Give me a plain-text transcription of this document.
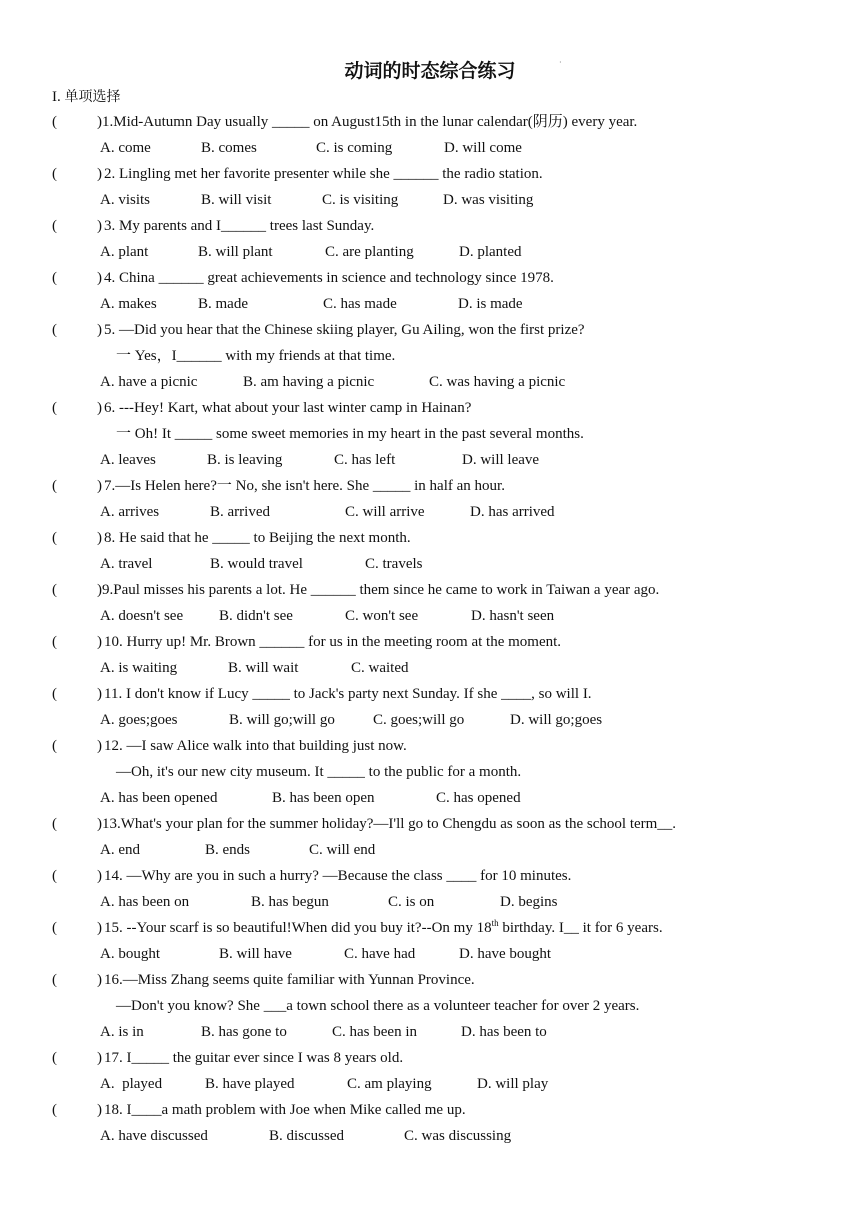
动词的时态综合练习	·
I. 单项选择
(	) 1.Mid-Autumn Day usually _____ on August15th in the lunar calendar(阴历) every year.
A. come	B. comes	C. is coming	D. will come
(	) 2. Lingling met her favorite presenter while she ______ the radio station.
A. visits	B. will visit	C. is visiting	D. was visiting
(	) 3. My parents and I______ trees last Sunday.
A. plant	B. will plant	C. are planting	D. planted
(	) 4. China ______ great achievements in science and technology since 1978.
A. makes	B. made	C. has made	D. is made
(	) 5. —Did you hear that the Chinese skiing player, Gu Ailing, won the first prize?
一 Yes，I______ with my friends at that time.
A. have a picnic	B. am having a picnic	C. was having a picnic
(	) 6. ---Hey! Kart, what about your last winter camp in Hainan?
一 Oh! It _____ some sweet memories in my heart in the past several months.
A. leaves	B. is leaving	C. has left	D. will leave
(	) 7.—Is Helen here?一 No, she isn't here. She _____ in half an hour.
A. arrives	B. arrived	C. will arrive	D. has arrived
(	) 8. He said that he _____ to Beijing the next month.
A. travel	B. would travel	C. travels
(	) 9.Paul misses his parents a lot. He ______ them since he came to work in Taiwan a year ago.
A. doesn't see B. didn't see	C. won't see	D. hasn't seen
(	) 10. Hurry up! Mr. Brown ______ for us in the meeting room at the moment.
A. is waiting	B. will wait	C. waited
(	) 11. I don't know if Lucy _____ to Jack's party next Sunday. If she ____, so will I.
A. goes;goes	B. will go;will go	C. goes;will go	D. will go;goes
(	) 12. —I saw Alice walk into that building just now.
—Oh, it's our new city museum. It _____ to the public for a month.
A. has been opened	B. has been open	C. has opened
(	) 13.What's your plan for the summer holiday?—I'll go to Chengdu as soon as the school term__.
A. end	B. ends	C. will end
(	) 14. —Why are you in such a hurry? —Because the class ____ for 10 minutes.
A. has been on	B. has begun	C. is on	D. begins
(	) 15. --Your scarf is so beautiful!When did you buy it?--On my 18th birthday. I__ it for 6 years.
A. bought	B. will have	C. have had	D. have bought
(	) 16.—Miss Zhang seems quite familiar with Yunnan Province.
—Don't you know? She ___a town school there as a volunteer teacher for over 2 years.
A. is in	B. has gone to	C. has been in	D. has been to
(	) 17. I_____ the guitar ever since I was 8 years old.
A.  played	B. have played	C. am playing	D. will play
(	) 18. I____a math problem with Joe when Mike called me up.
A. have discussed	B. discussed	C. was discussing
